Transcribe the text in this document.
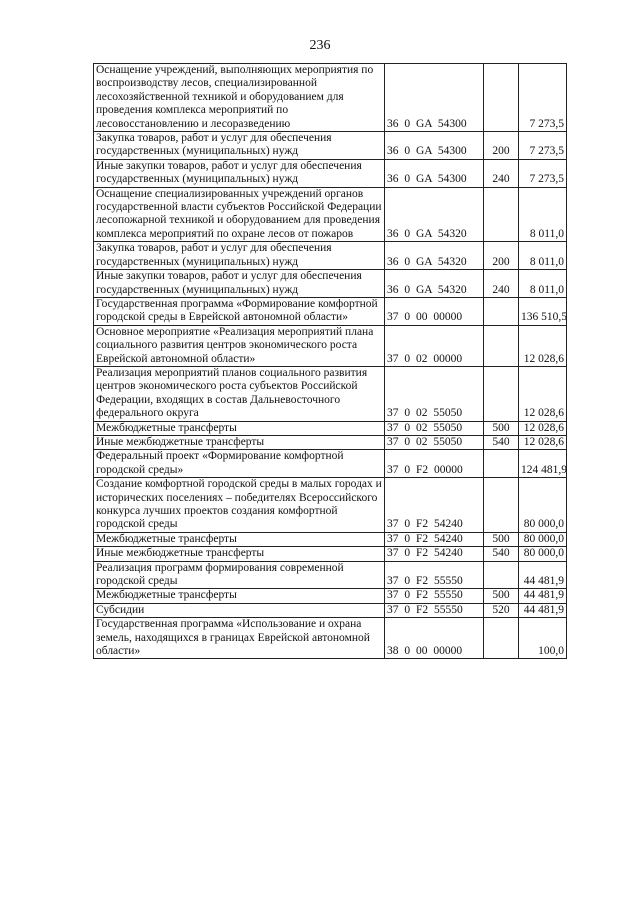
236
Оснащение учреждений, выполняющих мероприятия по воспроизводству лесов, специализированной лесохозяйственной техникой и оборудованием для проведения комплекса мероприятий по лесовосстановлению и лесоразведению	36 0 GA 54300		7 273,5
Закупка товаров, работ и услуг для обеспечения государственных (муниципальных) нужд	36 0 GA 54300	200	7 273,5
Иные закупки товаров, работ и услуг для обеспечения государственных (муниципальных) нужд	36 0 GA 54300	240	7 273,5
Оснащение специализированных учреждений органов государственной власти субъектов Российской Федерации лесопожарной техникой и оборудованием для проведения комплекса мероприятий по охране лесов от пожаров	36 0 GA 54320		8 011,0
Закупка товаров, работ и услуг для обеспечения государственных (муниципальных) нужд	36 0 GA 54320	200	8 011,0
Иные закупки товаров, работ и услуг для обеспечения государственных (муниципальных) нужд	36 0 GA 54320	240	8 011,0
Государственная программа «Формирование комфортной городской среды в Еврейской автономной области»	37 0 00 00000		136 510,5
Основное мероприятие «Реализация мероприятий плана социального развития центров экономического роста Еврейской автономной области»	37 0 02 00000		12 028,6
Реализация мероприятий планов социального развития центров экономического роста субъектов Российской Федерации, входящих в состав Дальневосточного федерального округа	37 0 02 55050		12 028,6
Межбюджетные трансферты	37 0 02 55050	500	12 028,6
Иные межбюджетные трансферты	37 0 02 55050	540	12 028,6
Федеральный проект «Формирование комфортной городской среды»	37 0 F2 00000		124 481,9
Создание комфортной городской среды в малых городах и исторических поселениях – победителях Всероссийского конкурса лучших проектов создания комфортной городской среды	37 0 F2 54240		80 000,0
Межбюджетные трансферты	37 0 F2 54240	500	80 000,0
Иные межбюджетные трансферты	37 0 F2 54240	540	80 000,0
Реализация программ формирования современной городской среды	37 0 F2 55550		44 481,9
Межбюджетные трансферты	37 0 F2 55550	500	44 481,9
Субсидии	37 0 F2 55550	520	44 481,9
Государственная программа «Использование и охрана земель, находящихся в границах Еврейской автономной области»	38 0 00 00000		100,0
